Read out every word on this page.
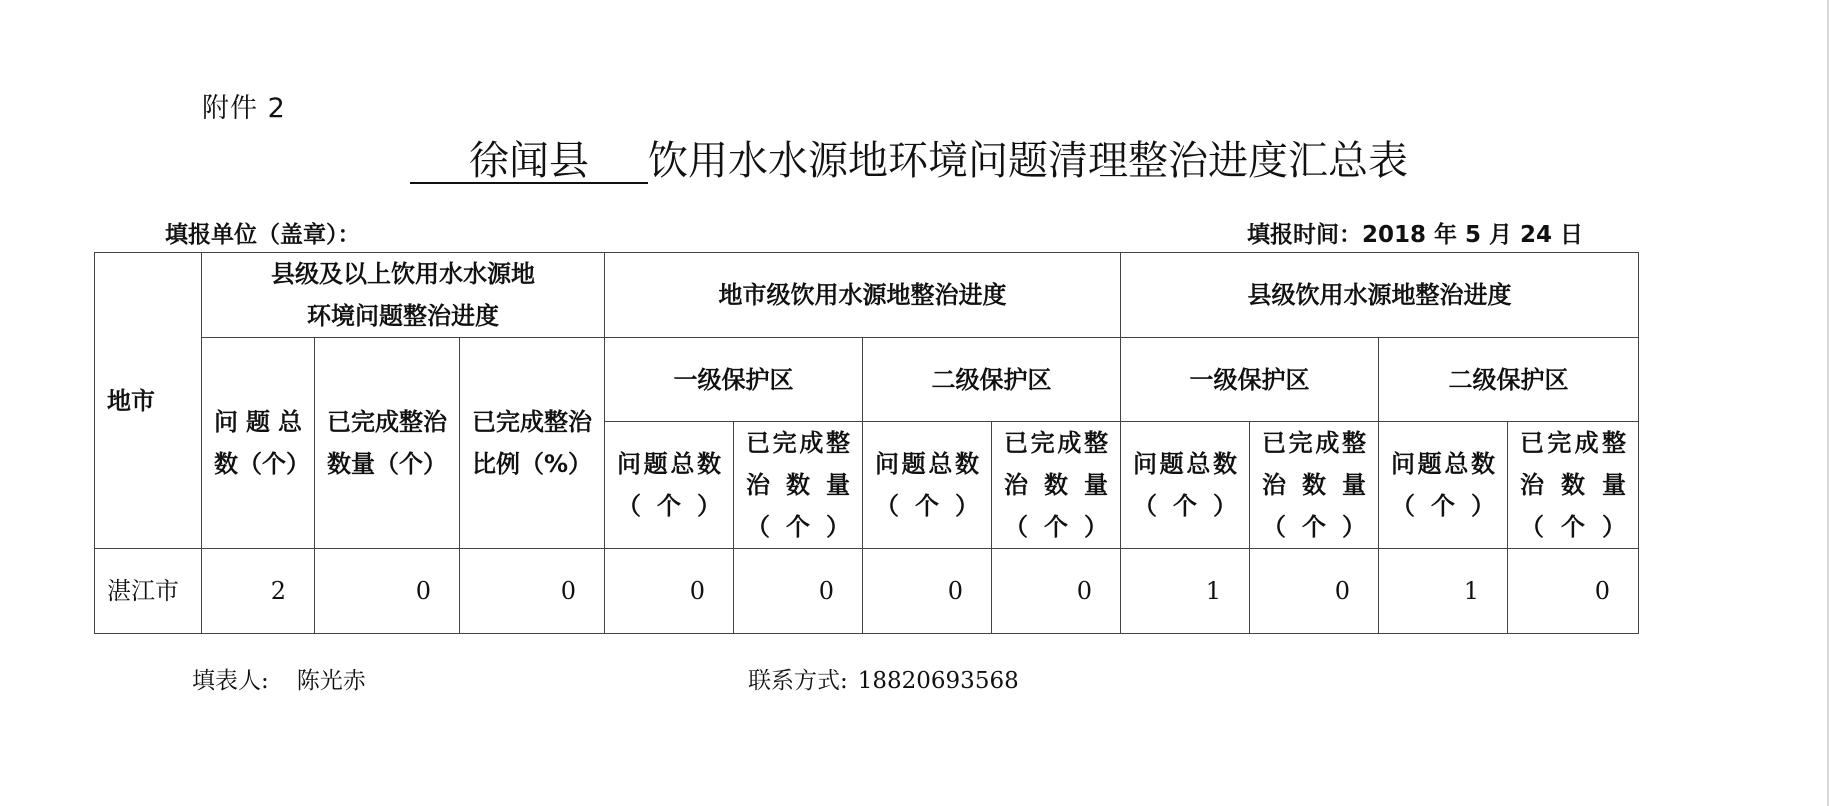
附件 2
徐闻县 饮用水水源地环境问题清理整治进度汇总表
填报单位（盖章）：	填报时间：2018 年 5 月 24 日
地市	县级及以上饮用水水源地环境问题整治进度			地市级饮用水源地整治进度				县级饮用水源地整治进度			
	问题总数（个）	已完成整治数量（个）	已完成整治比例（%）	一级保护区		二级保护区		一级保护区		二级保护区	
				问题总数（个）	已完成整治数量（个）	问题总数（个）	已完成整治数量（个）	问题总数（个）	已完成整治数量（个）	问题总数（个）	已完成整治数量（个）
湛江市	2	0	0	0	0	0	0	1	0	1	0
填表人: 陈光赤	联系方式: 18820693568
